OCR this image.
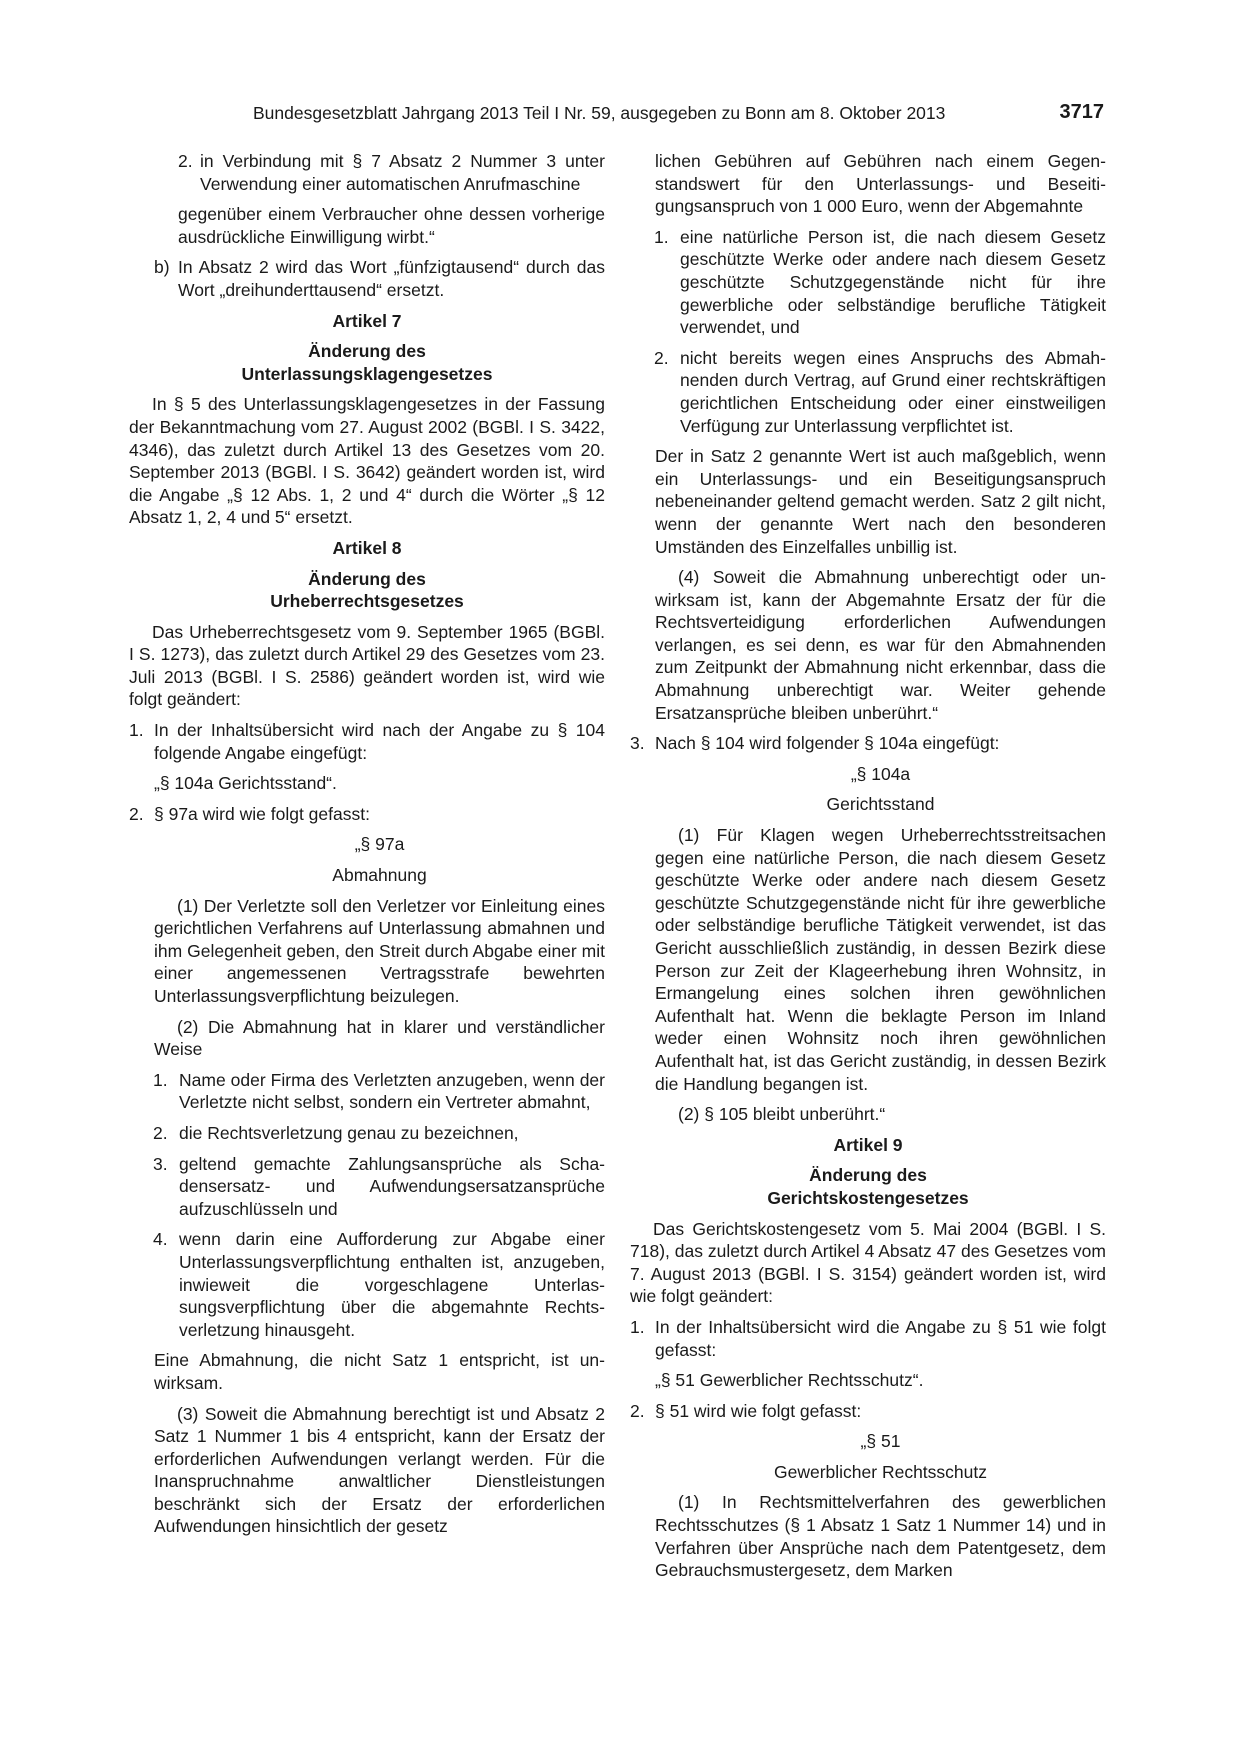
Bundesgesetzblatt Jahrgang 2013 Teil I Nr. 59, ausgegeben zu Bonn am 8. Oktober 2013	3717
2. in Verbindung mit § 7 Absatz 2 Nummer 3 unter Verwendung einer automatischen Anrufmaschine

gegenüber einem Verbraucher ohne dessen vorherige ausdrückliche Einwilligung wirbt.“

b) In Absatz 2 wird das Wort „fünfzigtausend“ durch das Wort „dreihunderttausend“ ersetzt.

Artikel 7

Änderung des
Unterlassungsklagengesetzes

In § 5 des Unterlassungsklagengesetzes in der Fassung der Bekanntmachung vom 27. August 2002 (BGBl. I S. 3422, 4346), das zuletzt durch Artikel 13 des Gesetzes vom 20. September 2013 (BGBl. I S. 3642) geändert worden ist, wird die Angabe „§ 12 Abs. 1, 2 und 4“ durch die Wörter „§ 12 Absatz 1, 2, 4 und 5“ ersetzt.

Artikel 8

Änderung des
Urheberrechtsgesetzes

Das Urheberrechtsgesetz vom 9. September 1965 (BGBl. I S. 1273), das zuletzt durch Artikel 29 des Gesetzes vom 23. Juli 2013 (BGBl. I S. 2586) geändert worden ist, wird wie folgt geändert:

1. In der Inhaltsübersicht wird nach der Angabe zu § 104 folgende Angabe eingefügt:

„§ 104a Gerichtsstand“.

2. § 97a wird wie folgt gefasst:

„§ 97a

Abmahnung

(1) Der Verletzte soll den Verletzer vor Einleitung eines gerichtlichen Verfahrens auf Unterlassung abmahnen und ihm Gelegenheit geben, den Streit durch Abgabe einer mit einer angemessenen Vertragsstrafe bewehrten Unterlassungsverpflichtung beizulegen.

(2) Die Abmahnung hat in klarer und verständlicher Weise

1. Name oder Firma des Verletzten anzugeben, wenn der Verletzte nicht selbst, sondern ein Vertreter abmahnt,
2. die Rechtsverletzung genau zu bezeichnen,
3. geltend gemachte Zahlungsansprüche als Schadensersatz- und Aufwendungsersatzansprüche aufzuschlüsseln und
4. wenn darin eine Aufforderung zur Abgabe einer Unterlassungsverpflichtung enthalten ist, anzugeben, inwieweit die vorgeschlagene Unterlassungsverpflichtung über die abgemahnte Rechtsverletzung hinausgeht.

Eine Abmahnung, die nicht Satz 1 entspricht, ist unwirksam.

(3) Soweit die Abmahnung berechtigt ist und Absatz 2 Satz 1 Nummer 1 bis 4 entspricht, kann der Ersatz der erforderlichen Aufwendungen verlangt werden. Für die Inanspruchnahme anwaltlicher Dienstleistungen beschränkt sich der Ersatz der erforderlichen Aufwendungen hinsichtlich der gesetz

lichen Gebühren auf Gebühren nach einem Gegenstandswert für den Unterlassungs- und Beseitigungsanspruch von 1 000 Euro, wenn der Abgemahnte

1. eine natürliche Person ist, die nach diesem Gesetz geschützte Werke oder andere nach diesem Gesetz geschützte Schutzgegenstände nicht für ihre gewerbliche oder selbständige berufliche Tätigkeit verwendet, und
2. nicht bereits wegen eines Anspruchs des Abmahnenden durch Vertrag, auf Grund einer rechtskräftigen gerichtlichen Entscheidung oder einer einstweiligen Verfügung zur Unterlassung verpflichtet ist.

Der in Satz 2 genannte Wert ist auch maßgeblich, wenn ein Unterlassungs- und ein Beseitigungsanspruch nebeneinander geltend gemacht werden. Satz 2 gilt nicht, wenn der genannte Wert nach den besonderen Umständen des Einzelfalles unbillig ist.

(4) Soweit die Abmahnung unberechtigt oder unwirksam ist, kann der Abgemahnte Ersatz der für die Rechtsverteidigung erforderlichen Aufwendungen verlangen, es sei denn, es war für den Abmahnenden zum Zeitpunkt der Abmahnung nicht erkennbar, dass die Abmahnung unberechtigt war. Weiter gehende Ersatzansprüche bleiben unberührt.“

3. Nach § 104 wird folgender § 104a eingefügt:

„§ 104a

Gerichtsstand

(1) Für Klagen wegen Urheberrechtsstreitsachen gegen eine natürliche Person, die nach diesem Gesetz geschützte Werke oder andere nach diesem Gesetz geschützte Schutzgegenstände nicht für ihre gewerbliche oder selbständige berufliche Tätigkeit verwendet, ist das Gericht ausschließlich zuständig, in dessen Bezirk diese Person zur Zeit der Klageerhebung ihren Wohnsitz, in Ermangelung eines solchen ihren gewöhnlichen Aufenthalt hat. Wenn die beklagte Person im Inland weder einen Wohnsitz noch ihren gewöhnlichen Aufenthalt hat, ist das Gericht zuständig, in dessen Bezirk die Handlung begangen ist.

(2) § 105 bleibt unberührt.“

Artikel 9

Änderung des
Gerichtskostengesetzes

Das Gerichtskostengesetz vom 5. Mai 2004 (BGBl. I S. 718), das zuletzt durch Artikel 4 Absatz 47 des Gesetzes vom 7. August 2013 (BGBl. I S. 3154) geändert worden ist, wird wie folgt geändert:

1. In der Inhaltsübersicht wird die Angabe zu § 51 wie folgt gefasst:

„§ 51 Gewerblicher Rechtsschutz“.

2. § 51 wird wie folgt gefasst:

„§ 51

Gewerblicher Rechtsschutz

(1) In Rechtsmittelverfahren des gewerblichen Rechtsschutzes (§ 1 Absatz 1 Satz 1 Nummer 14) und in Verfahren über Ansprüche nach dem Patentgesetz, dem Gebrauchsmustergesetz, dem Marken
